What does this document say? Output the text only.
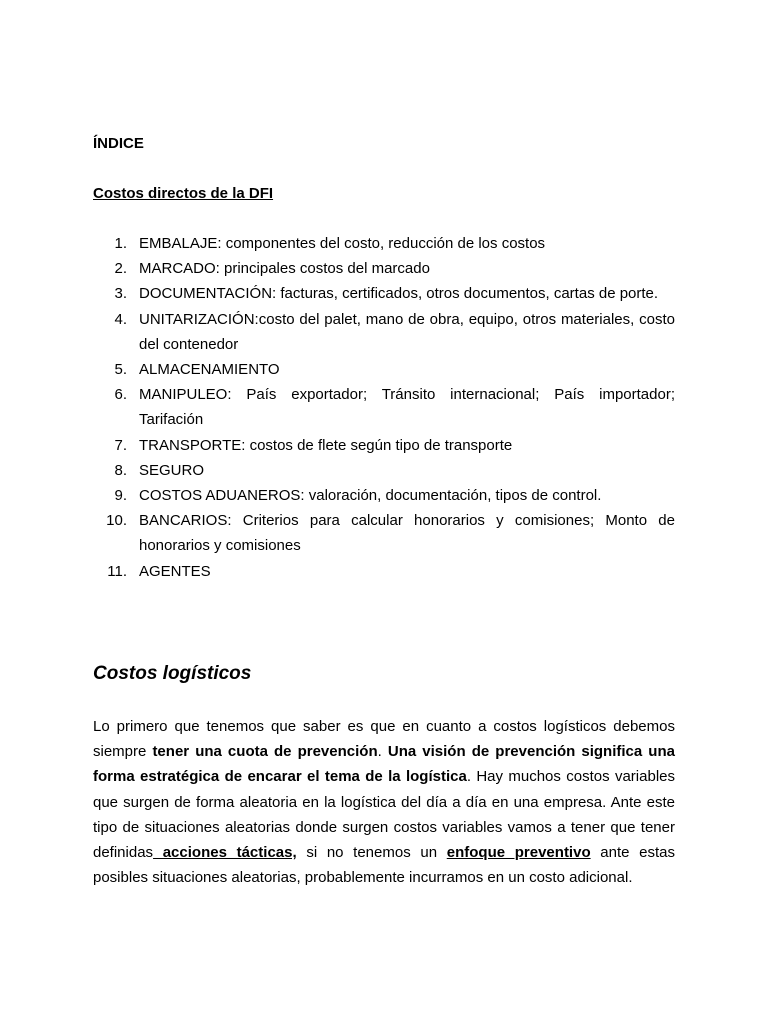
ÍNDICE

Costos directos de la DFI

1. EMBALAJE: componentes del costo, reducción de los costos
2. MARCADO: principales costos del marcado
3. DOCUMENTACIÓN: facturas, certificados, otros documentos, cartas de porte.
4. UNITARIZACIÓN:costo del palet, mano de obra, equipo, otros materiales, costo del contenedor
5. ALMACENAMIENTO
6. MANIPULEO: País exportador; Tránsito internacional; País importador; Tarifación
7. TRANSPORTE: costos de flete según tipo de transporte
8. SEGURO
9. COSTOS ADUANEROS: valoración, documentación, tipos de control.
10. BANCARIOS: Criterios para calcular honorarios y comisiones; Monto de honorarios y comisiones
11. AGENTES
Costos logísticos

Lo primero que tenemos que saber es que en cuanto a costos logísticos debemos siempre tener una cuota de prevención. Una visión de prevención significa una forma estratégica de encarar el tema de la logística. Hay muchos costos variables que surgen de forma aleatoria en la logística del día a día en una empresa. Ante este tipo de situaciones aleatorias donde surgen costos variables vamos a tener que tener definidas acciones tácticas, si no tenemos un enfoque preventivo ante estas posibles situaciones aleatorias, probablemente incurramos en un costo adicional.
